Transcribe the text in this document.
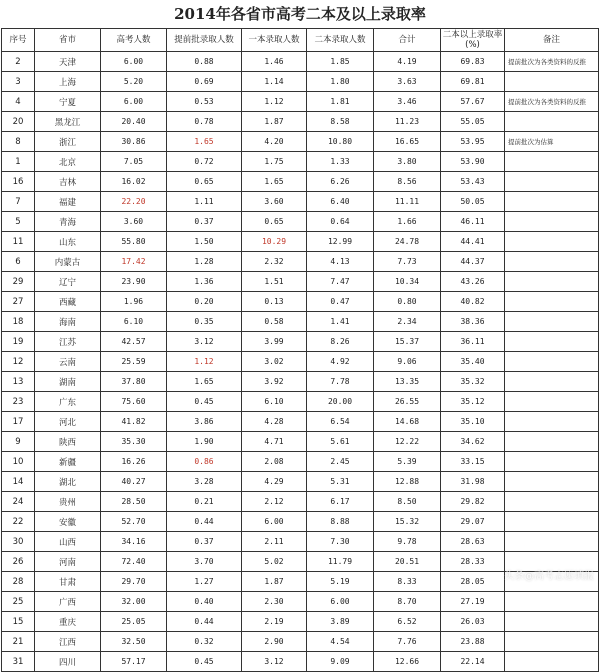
2014年各省市高考二本及以上录取率
序号	省市	高考人数	提前批录取人数	一本录取人数	二本录取人数	合计	二本以上录取率(%)	备注
2	天津	6.00	0.88	1.46	1.85	4.19	69.83	提前批次为各类资料的反推
3	上海	5.20	0.69	1.14	1.80	3.63	69.81	
4	宁夏	6.00	0.53	1.12	1.81	3.46	57.67	提前批次为各类资料的反推
20	黑龙江	20.40	0.78	1.87	8.58	11.23	55.05	
8	浙江	30.86	1.65	4.20	10.80	16.65	53.95	提前批次为估算
1	北京	7.05	0.72	1.75	1.33	3.80	53.90	
16	吉林	16.02	0.65	1.65	6.26	8.56	53.43	
7	福建	22.20	1.11	3.60	6.40	11.11	50.05	
5	青海	3.60	0.37	0.65	0.64	1.66	46.11	
11	山东	55.80	1.50	10.29	12.99	24.78	44.41	
6	内蒙古	17.42	1.28	2.32	4.13	7.73	44.37	
29	辽宁	23.90	1.36	1.51	7.47	10.34	43.26	
27	西藏	1.96	0.20	0.13	0.47	0.80	40.82	
18	海南	6.10	0.35	0.58	1.41	2.34	38.36	
19	江苏	42.57	3.12	3.99	8.26	15.37	36.11	
12	云南	25.59	1.12	3.02	4.92	9.06	35.40	
13	湖南	37.80	1.65	3.92	7.78	13.35	35.32	
23	广东	75.60	0.45	6.10	20.00	26.55	35.12	
17	河北	41.82	3.86	4.28	6.54	14.68	35.10	
9	陕西	35.30	1.90	4.71	5.61	12.22	34.62	
10	新疆	16.26	0.86	2.08	2.45	5.39	33.15	
14	湖北	40.27	3.28	4.29	5.31	12.88	31.98	
24	贵州	28.50	0.21	2.12	6.17	8.50	29.82	
22	安徽	52.70	0.44	6.00	8.88	15.32	29.07	
30	山西	34.16	0.37	2.11	7.30	9.78	28.63	
26	河南	72.40	3.70	5.02	11.79	20.51	28.33	
28	甘肃	29.70	1.27	1.87	5.19	8.33	28.05	
25	广西	32.00	0.40	2.30	6.00	8.70	27.19	
15	重庆	25.05	0.44	2.19	3.89	6.52	26.03	
21	江西	32.50	0.32	2.90	4.54	7.76	23.88	
31	四川	57.17	0.45	3.12	9.09	12.66	22.14	
头条@高考志愿填报
